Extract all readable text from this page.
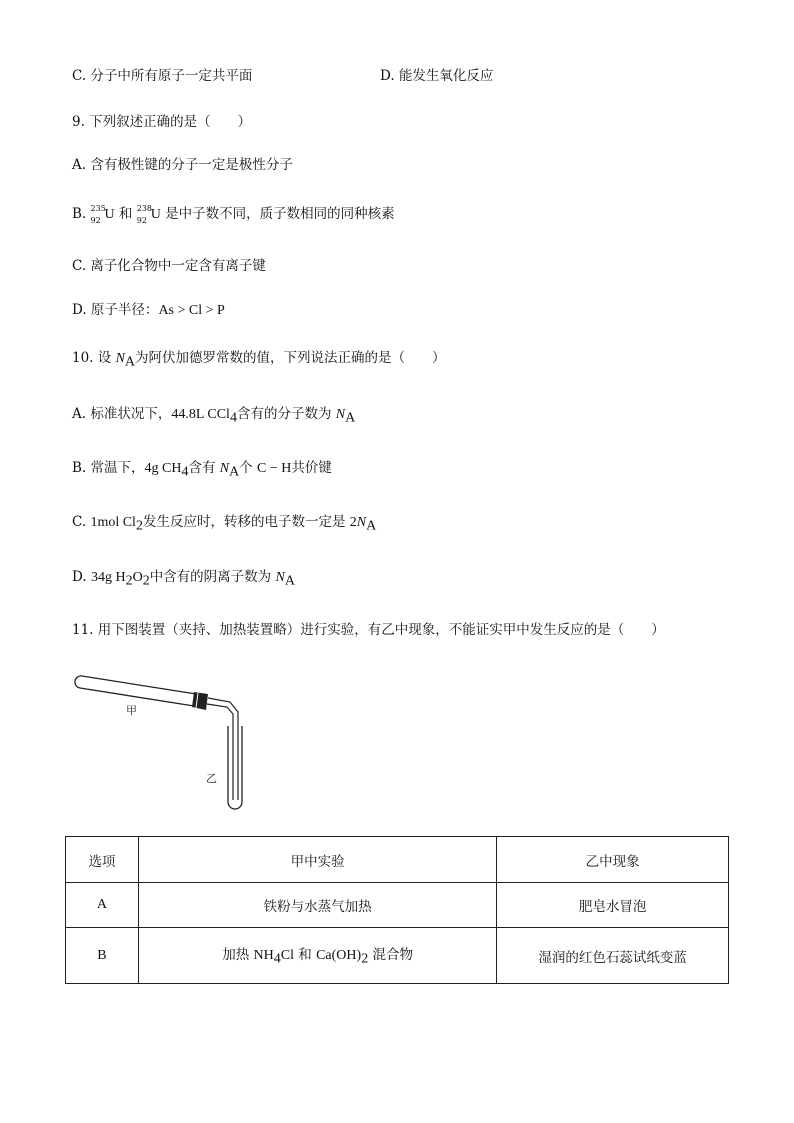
C. 分子中所有原子一定共平面	D. 能发生氧化反应
9. 下列叙述正确的是（　　）
A. 含有极性键的分子一定是极性分子
B. 235
92 U 和 238
92 U 是中子数不同，质子数相同的同种核素
C. 离子化合物中一定含有离子键
D. 原子半径：As > Cl > P
10. 设 $N_A$为阿伏加德罗常数的值，下列说法正确的是（　　）
A. 标准状况下，44.8L CCl$_4$含有的分子数为 $N_A$
B. 常温下，4g $CH_4$含有 $N_A$个 C − H共价键
C. 1mol $Cl_2$发生反应时，转移的电子数一定是 $2N_A$
D. 34g $H_2O_2$中含有的阴离子数为 $N_A$
11. 用下图装置（夹持、加热装置略）进行实验，有乙中现象，不能证实甲中发生反应的是（　　）
甲
乙
选项	甲中实验	乙中现象
A	铁粉与水蒸气加热	肥皂水冒泡
B	加热 $NH_4Cl$ 和 $Ca(OH)_2$ 混合物	湿润的红色石蕊试纸变蓝
